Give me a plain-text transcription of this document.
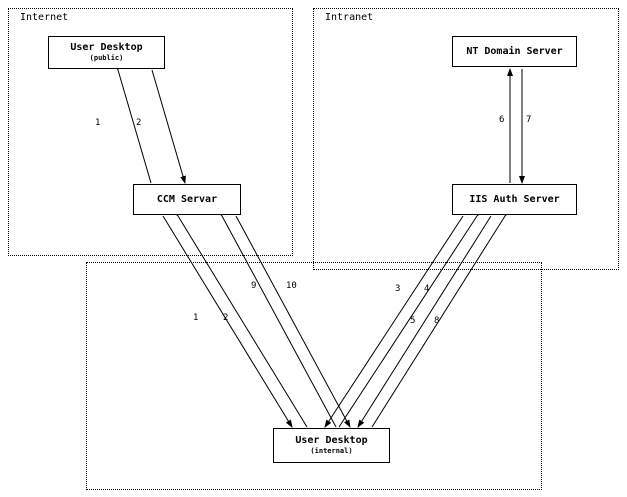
Internet	Intranet
User Desktop
(public)
CCM Servar
NT Domain Server
IIS Auth Server
User Desktop
(internal)
1	2	6 7
9	10	3	4
1	2	5 8
